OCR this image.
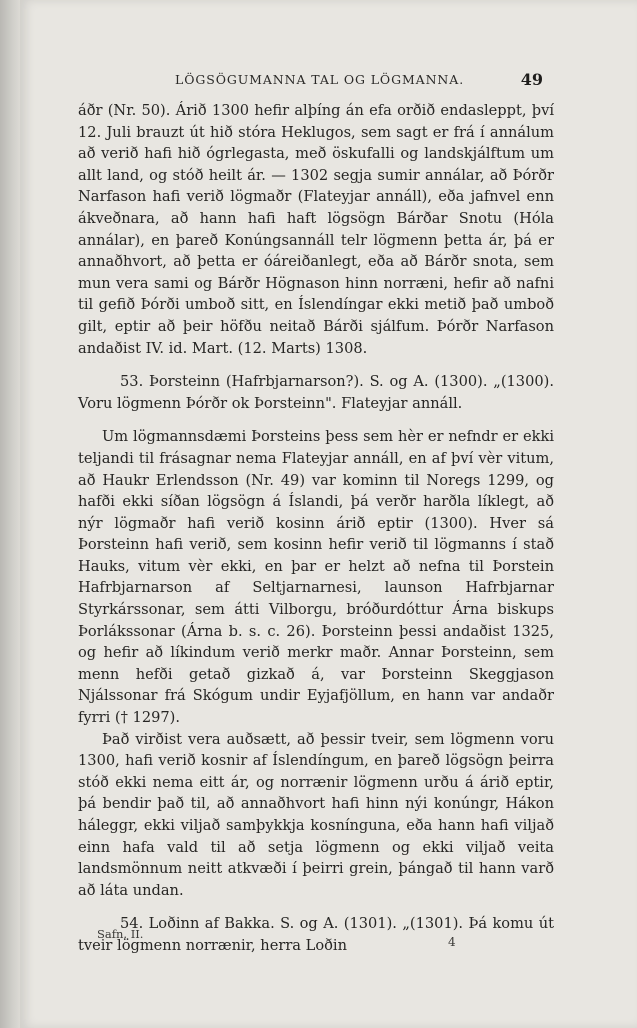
LÖGSÖGUMANNA TAL OG LÖGMANNA.	49

áðr (Nr. 50). Árið 1300 hefir alþíng án efa orðið endasleppt, því 12. Juli brauzt út hið stóra Heklugos, sem sagt er frá í annálum að verið hafi hið ógrlegasta, með öskufalli og landskjálftum um allt land, og stóð heilt ár. — 1302 segja sumir annálar, að Þórðr Narfason hafi verið lögmaðr (Flateyjar annáll), eða jafnvel enn ákveðnara, að hann hafi haft lögsögn Bárðar Snotu (Hóla annálar), en þareð Konúngsannáll telr lögmenn þetta ár, þá er annaðhvort, að þetta er óáreiðanlegt, eða að Bárðr snota, sem mun vera sami og Bárðr Högnason hinn norræni, hefir að nafni til gefið Þórði umboð sitt, en Íslendíngar ekki metið það umboð gilt, eptir að þeir höfðu neitað Bárði sjálfum. Þórðr Narfason andaðist IV. id. Mart. (12. Marts) 1308.

53. Þorsteinn (Hafrbjarnarson?). S. og A. (1300). „(1300). Voru lögmenn Þórðr ok Þorsteinn". Flateyjar annáll.

Um lögmannsdæmi Þorsteins þess sem hèr er nefndr er ekki teljandi til frásagnar nema Flateyjar annáll, en af því vèr vitum, að Haukr Erlendsson (Nr. 49) var kominn til Noregs 1299, og hafði ekki síðan lögsögn á Íslandi, þá verðr harðla líklegt, að nýr lögmaðr hafi verið kosinn árið eptir (1300). Hver sá Þorsteinn hafi verið, sem kosinn hefir verið til lögmanns í stað Hauks, vitum vèr ekki, en þar er helzt að nefna til Þorstein Hafrbjarnarson af Seltjarnarnesi, launson Hafrbjarnar Styrkárssonar, sem átti Vilborgu, bróðurdóttur Árna biskups Þorlákssonar (Árna b. s. c. 26). Þorsteinn þessi andaðist 1325, og hefir að líkindum verið merkr maðr. Annar Þorsteinn, sem menn hefði getað gizkað á, var Þorsteinn Skeggjason Njálssonar frá Skógum undir Eyjafjöllum, en hann var andaðr fyrri († 1297).

Það virðist vera auðsætt, að þessir tveir, sem lögmenn voru 1300, hafi verið kosnir af Íslendíngum, en þareð lögsögn þeirra stóð ekki nema eitt ár, og norrænir lögmenn urðu á árið eptir, þá bendir það til, að annaðhvort hafi hinn nýi konúngr, Hákon háleggr, ekki viljað samþykkja kosnínguna, eða hann hafi viljað einn hafa vald til að setja lögmenn og ekki viljað veita landsmönnum neitt atkvæði í þeirri grein, þángað til hann varð að láta undan.

54. Loðinn af Bakka. S. og A. (1301). „(1301). Þá komu út tveir lögmenn norrænir, herra Loðin

Safn. II.
4
